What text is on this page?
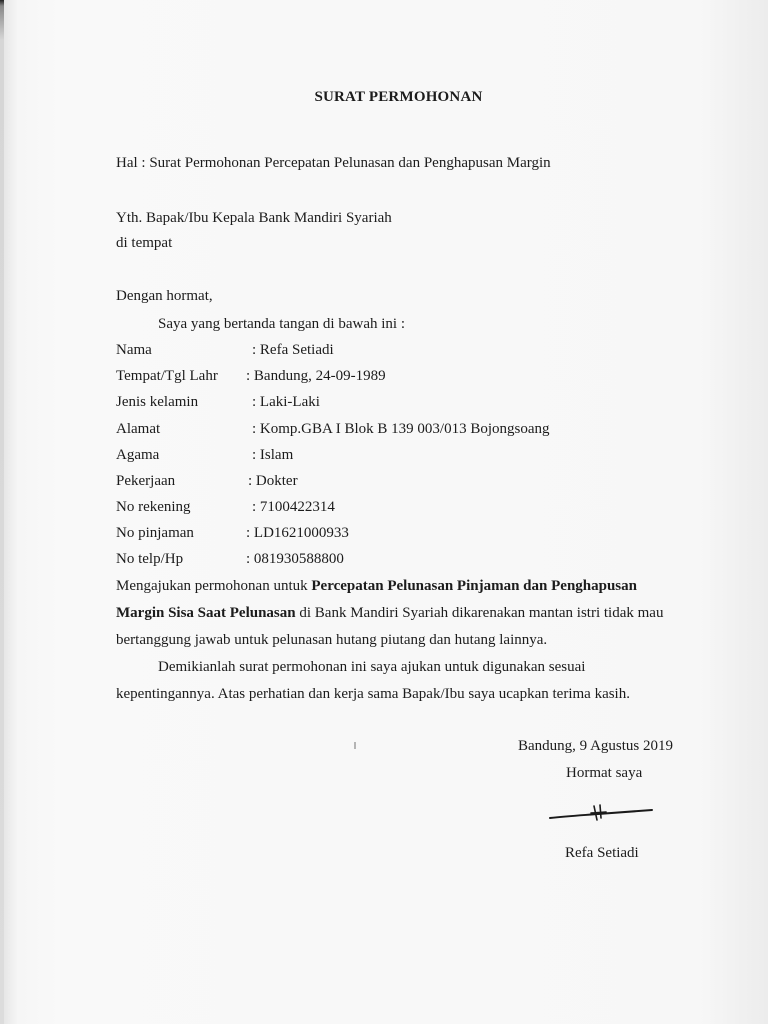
SURAT PERMOHONAN
Hal : Surat Permohonan Percepatan Pelunasan dan Penghapusan Margin
Yth. Bapak/Ibu Kepala Bank Mandiri Syariah
di tempat
Dengan hormat,
Saya yang bertanda tangan di bawah ini :
Nama	: Refa Setiadi
Tempat/Tgl Lahr : Bandung, 24-09-1989
Jenis kelamin	: Laki-Laki
Alamat	: Komp.GBA I Blok B 139 003/013 Bojongsoang
Agama	: Islam
Pekerjaan	: Dokter
No rekening	: 7100422314
No pinjaman	: LD1621000933
No telp/Hp	: 081930588800
Mengajukan permohonan untuk Percepatan Pelunasan Pinjaman dan Penghapusan
Margin Sisa Saat Pelunasan di Bank Mandiri Syariah dikarenakan mantan istri tidak mau
bertanggung jawab untuk pelunasan hutang piutang dan hutang lainnya.
Demikianlah surat permohonan ini saya ajukan untuk digunakan sesuai
kepentingannya. Atas perhatian dan kerja sama Bapak/Ibu saya ucapkan terima kasih.
Bandung, 9 Agustus 2019
Hormat saya
Refa Setiadi
